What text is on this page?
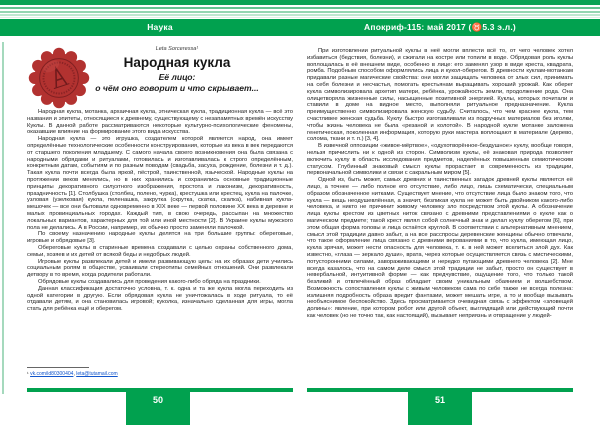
Наука	Апокриф-115: май 2017 (♉5.3 э.л.)
Leta Sorceressa¹
Народная кукла
Её лицо:
о чём оно говорит и что скрывает...

Народная кукла, мотанка, архаичная кукла, этническая кукла, традиционная кукла — всё это названия и эпитеты, относящиеся к древнему, существующему с незапамятных времён искусству Куклы. В данной работе рассматриваются некоторые культурно-психологические феномены, оказавшие влияние на формирование этого вида искусства.

Народная кукла — это игрушка, создателем которой является народ, она имеет определённые технологические особенности конструирования, которые из века в век передаются от старшего поколения младшему. С самого начала своего возникновения она была связана с народными обрядами и ритуалами, готовилась и изготавливалась к строго определённым, конкретным датам, событиям и по разным поводам (свадьба, засуха, рождение, болезни и т. д.). Такая кукла почти всегда была яркой, пёстрой, таинственной, языческой. Народные куклы на протяжении веков менялись, но в них хранились и сохранились основные традиционные принципы декоративного силуэтного изображения, простота и лаконизм, декоративность, праздничность [1]. Столбушка (столбец, полено, чурка), крестушка или крестец, кукла на палочке, узловая (узелковая) кукла, пеленашка, закрутка (скрутка, скатка, скалка), набивная кукла-мешочек — все они бытовали одновременно в XIX веке — первой половине XX века в деревне и малых провинциальных городах. Каждый тип, в свою очередь, рассыпан на множество локальных вариантов, характерных для той или иной местности [2]. В Украине куклы мужского пола не делались. А в России, например, их обычно просто заменяли палочкой.

По своему назначению народные куклы делятся на три большие группы: обереговые, игровые и обрядовые [3].

Обереговые куклы в старинные времена создавали с целью охраны собственного дома, семьи, хозяев и их детей от всякой беды и недобрых людей.

Игровые куклы развлекали детей и имели развивающую цель: на их образах дети учились социальным ролям в обществе, усваивали стереотипы семейных отношений. Они развлекали детвору в то время, когда родители работали.

Обрядовые куклы создавались для проведения какого-либо обряда на праздники.

Данная классификация достаточно условна, т. к. одна и та же кукла могла переходить из одной категории в другую. Если обрядовая кукла не уничтожалась в ходе ритуала, то её отдавали детям, и она становилась игровой; куколка, изначально сделанная для игры, могла стать для ребёнка ещё и оберегом.

¹ vk.com/id80300404, leta@tutamail.com

При изготовлении ритуальной куклы в неё могли вплести всё то, от чего человек хотел избавиться (бедствия, болезни), и сжигали на костре или топили в воде. Обрядовая роль куклы воплощалась в её внешнем виде, особенно в лице: его заменял узор в виде креста, квадрата, ромба. Подобным способом оформлялись лица и кукол-оберегов. В древности куклам-мотанкам придавали разные магические свойства: они могли защищать человека от злых сил, принимать на себя болезни и несчастья, помогать крестьянам выращивать хороший урожай. Как оберег кукла символизировала архетип матери, ребёнка, урожайность земли, продолжение рода. Она олицетворяла жизненные силы, насыщенные позитивной энергией. Куклы, которых почитали и ставили в доме на видное место, выполняли ритуальное предназначение. Кукла преимущественно символизировала женскую судьбу. Считалось, что чем краснее кукла, тем счастливее женская судьба. Куклу быстро изготавливали из подручных материалов без иголки, чтобы жизнь человека не была «резаной и колотой». В народной кукле мотанке заложена генетическая, поколенная информация, которую руки мастера воплощают в материале (дерево, солома, ткани и т. п.) [3, 4].

В извечной оппозиции «живое-мёртвое», «одухотворённое-бездушное» куклу, вообще говоря, нельзя причислить ни к одной из сторон. Символизм куклы, её знаковая природа позволяет включить куклу в область исследования предметов, наделённых повышенным семиотическим статусом. Глубинный знаковый смысл куклы прорастает в современность из традиции, первоначальной символики и связи с сакральным миром [5].

Одной из, быть может, самых древних и таинственных загадок древней куклы является её лицо, а точнее — либо полное его отсутствие, либо лицо, лишь схематически, специальным образом обозначенное нитками. Существует мнение, что отсутствие лица было знаком того, что кукла — вещь неодушевлённая, а значит, безликая кукла не может быть двойником какого-либо человека, и никто не причинит живому человеку зло посредством этой куклы. А обозначение лица куклы крестом из цветных ниток связано с древними представлениями о кукле как о магическом предмете; такой крест являл собой солнечный знак и делал куклу оберегом [6], при этом общая форма головы и лица остаётся круглой. В соответствии с альтернативным мнением, смысл этой традиции давно забыт, а на все расспросы деревенские женщины обычно отвечали, что такое оформление лица связано с древними верованиями в то, что кукла, имеющая лицо, кукла зрячая, может нести опасность для человека, т. к. в ней может вселиться злой дух. Как известно, «глаза — зеркало души», врата, через которые осуществляется связь с мистическими, потусторонними силами, завораживающими и нередко пугающими древнего человека [2]. Мне всегда казалось, что на самом деле смысл этой традиции не забыт, просто он существует в невербальной, интуитивной форме — как предчувствие, ощущение того, что только такой безликий и отвлечённый образ обладает своим уникальным обаянием и волшебством. Возможность сопоставления куклы с живым человеком сама по себе также не всегда полезна: излишняя подробность образа вредит фантазии, может мешать игре, а то и вообще вызывать необъяснимое беспокойство. Здесь просматривается очевидная связь с эффектом «зловещей долины»: явление, при котором робот или другой объект, выглядящий или действующий почти как человек (но не точно так, как настоящий), вызывает неприязнь и отвращение у людей-

50	51
